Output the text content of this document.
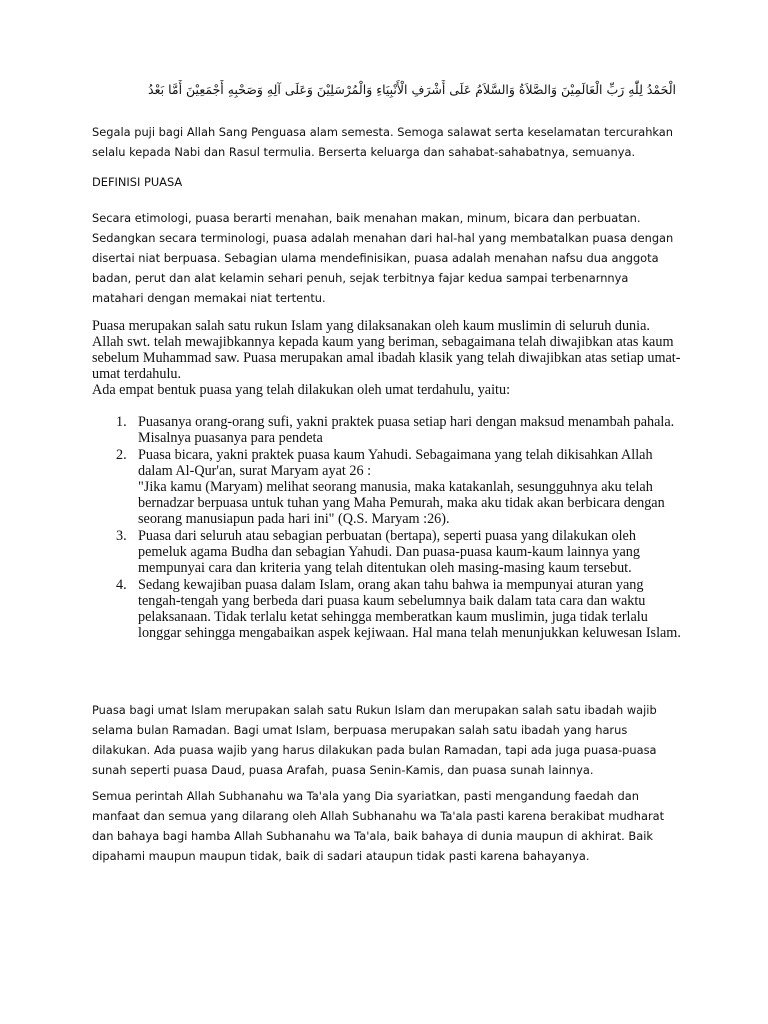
الْحَمْدُ لِلّٰهِ رَبِّ الْعَالَمِيْنَ وَالصَّلاَةُ وَالسَّلاَمُ عَلَى أَشْرَفِ الْأَنْبِيَاءِ وَالْمُرْسَلِيْنَ وَعَلَى آلِهِ وَصَحْبِهِ أَجْمَعِيْنَ أَمَّا بَعْدُ

Segala puji bagi Allah Sang Penguasa alam semesta. Semoga salawat serta keselamatan tercurahkan selalu kepada Nabi dan Rasul termulia. Berserta keluarga dan sahabat-sahabatnya, semuanya.

DEFINISI PUASA

Secara etimologi, puasa berarti menahan, baik menahan makan, minum, bicara dan perbuatan. Sedangkan secara terminologi, puasa adalah menahan dari hal-hal yang membatalkan puasa dengan disertai niat berpuasa. Sebagian ulama mendefinisikan, puasa adalah menahan nafsu dua anggota badan, perut dan alat kelamin sehari penuh, sejak terbitnya fajar kedua sampai terbenarnnya matahari dengan memakai niat tertentu.

Puasa merupakan salah satu rukun Islam yang dilaksanakan oleh kaum muslimin di seluruh dunia. Allah swt. telah mewajibkannya kepada kaum yang beriman, sebagaimana telah diwajibkan atas kaum sebelum Muhammad saw. Puasa merupakan amal ibadah klasik yang telah diwajibkan atas setiap umat-umat terdahulu.

Ada empat bentuk puasa yang telah dilakukan oleh umat terdahulu, yaitu:

1. Puasanya orang-orang sufi, yakni praktek puasa setiap hari dengan maksud menambah pahala. Misalnya puasanya para pendeta
2. Puasa bicara, yakni praktek puasa kaum Yahudi. Sebagaimana yang telah dikisahkan Allah dalam Al-Qur'an, surat Maryam ayat 26 :
"Jika kamu (Maryam) melihat seorang manusia, maka katakanlah, sesungguhnya aku telah bernadzar berpuasa untuk tuhan yang Maha Pemurah, maka aku tidak akan berbicara dengan seorang manusiapun pada hari ini" (Q.S. Maryam :26).
3. Puasa dari seluruh atau sebagian perbuatan (bertapa), seperti puasa yang dilakukan oleh pemeluk agama Budha dan sebagian Yahudi. Dan puasa-puasa kaum-kaum lainnya yang mempunyai cara dan kriteria yang telah ditentukan oleh masing-masing kaum tersebut.
4. Sedang kewajiban puasa dalam Islam, orang akan tahu bahwa ia mempunyai aturan yang tengah-tengah yang berbeda dari puasa kaum sebelumnya baik dalam tata cara dan waktu pelaksanaan. Tidak terlalu ketat sehingga memberatkan kaum muslimin, juga tidak terlalu longgar sehingga mengabaikan aspek kejiwaan. Hal mana telah menunjukkan keluwesan Islam.

Puasa bagi umat Islam merupakan salah satu Rukun Islam dan merupakan salah satu ibadah wajib selama bulan Ramadan. Bagi umat Islam, berpuasa merupakan salah satu ibadah yang harus dilakukan. Ada puasa wajib yang harus dilakukan pada bulan Ramadan, tapi ada juga puasa-puasa sunah seperti puasa Daud, puasa Arafah, puasa Senin-Kamis, dan puasa sunah lainnya.

Semua perintah Allah Subhanahu wa Ta'ala yang Dia syariatkan, pasti mengandung faedah dan manfaat dan semua yang dilarang oleh Allah Subhanahu wa Ta'ala pasti karena berakibat mudharat dan bahaya bagi hamba Allah Subhanahu wa Ta'ala, baik bahaya di dunia maupun di akhirat. Baik dipahami maupun maupun tidak, baik di sadari ataupun tidak pasti karena bahayanya.
